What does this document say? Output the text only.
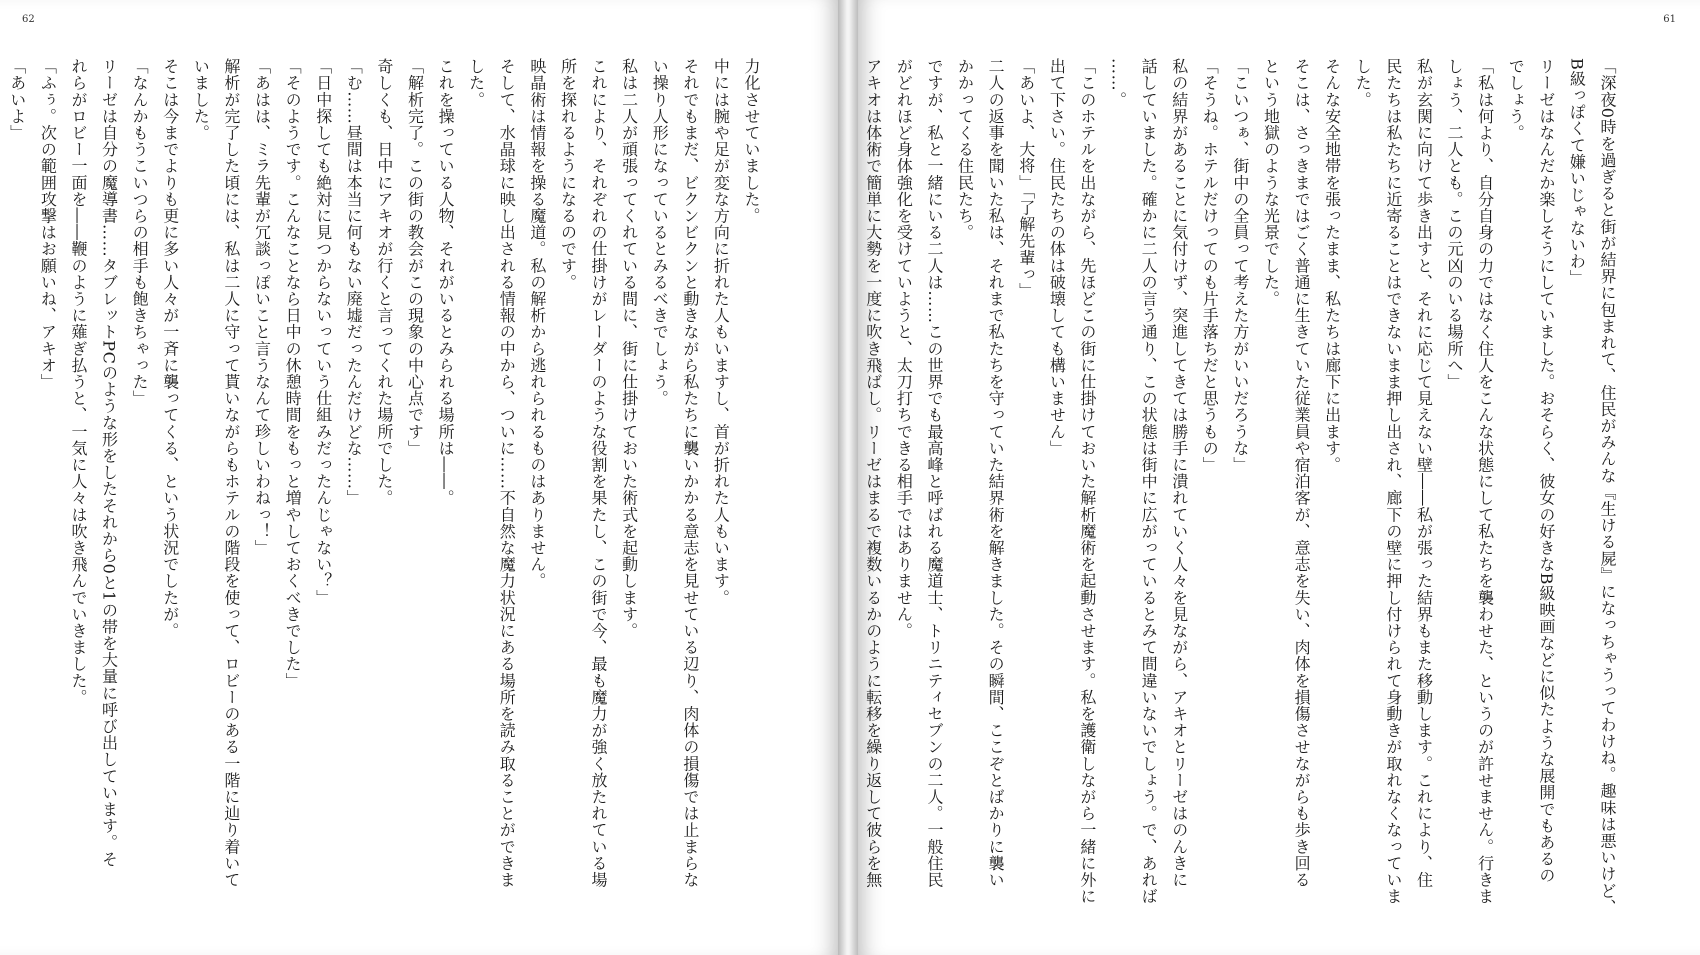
62
力化させていました。
中には腕や足が変な方向に折れた人もいますし、首が折れた人もいます。
それでもまだ、ビクンビクンと動きながら私たちに襲いかかる意志を見せている辺り、肉体の損傷では止まらな
い操り人形になっているとみるべきでしょう。
私は二人が頑張ってくれている間に、街に仕掛けておいた術式を起動します。
これにより、それぞれの仕掛けがレーダーのような役割を果たし、この街で今、最も魔力が強く放たれている場
所を探れるようになるのです。
映晶術は情報を操る魔道。私の解析から逃れられるものはありません。
そして、水晶球に映し出される情報の中から、ついに……不自然な魔力状況にある場所を読み取ることができま
した。
これを操っている人物、それがいるとみられる場所は――。
「解析完了。この街の教会がこの現象の中心点です」
奇しくも、日中にアキオが行くと言ってくれた場所でした。
「む……昼間は本当に何もない廃墟だったんだけどな……」
「日中探しても絶対に見つからないっていう仕組みだったんじゃない？」
「そのようです。こんなことなら日中の休憩時間をもっと増やしておくべきでした」
「あはは、ミラ先輩が冗談っぽいこと言うなんて珍しいわねっ！」
解析が完了した頃には、私は二人に守って貰いながらもホテルの階段を使って、ロビーのある一階に辿り着いて
いました。
そこは今までよりも更に多い人々が一斉に襲ってくる、という状況でしたが。
「なんかもうこいつらの相手も飽きちゃった」
リーゼは自分の魔導書……タブレットPCのような形をしたそれから0と1の帯を大量に呼び出しています。そ
れらがロビー一面を――鞭のように薙ぎ払うと、一気に人々は吹き飛んでいきました。
「ふぅ。次の範囲攻撃はお願いね、アキオ」
「あいよ」
61
「深夜0時を過ぎると街が結界に包まれて、住民がみんな『生ける屍』になっちゃうってわけね。趣味は悪いけど、
B級っぽくて嫌いじゃないわ」
リーゼはなんだか楽しそうにしていました。おそらく、彼女の好きなB級映画などに似たような展開でもあるの
でしょう。
「私は何より、自分自身の力ではなく住人をこんな状態にして私たちを襲わせた、というのが許せません。行きま
しょう、二人とも。この元凶のいる場所へ」
私が玄関に向けて歩き出すと、それに応じて見えない壁――私が張った結界もまた移動します。これにより、住
民たちは私たちに近寄ることはできないまま押し出され、廊下の壁に押し付けられて身動きが取れなくなっていま
した。
そんな安全地帯を張ったまま、私たちは廊下に出ます。
そこは、さっきまではごく普通に生きていた従業員や宿泊客が、意志を失い、肉体を損傷させながらも歩き回る
という地獄のような光景でした。
「こいつぁ、街中の全員って考えた方がいいだろうな」
「そうね。ホテルだけってのも片手落ちだと思うもの」
私の結界があることに気付けず、突進してきては勝手に潰れていく人々を見ながら、アキオとリーゼはのんきに
話していました。確かに二人の言う通り、この状態は街中に広がっているとみて間違いないでしょう。で、あれば
……。
「このホテルを出ながら、先ほどこの街に仕掛けておいた解析魔術を起動させます。私を護衛しながら一緒に外に
出て下さい。住民たちの体は破壊しても構いません」
「あいよ、大将」「了解先輩っ」
二人の返事を聞いた私は、それまで私たちを守っていた結界術を解きました。その瞬間、ここぞとばかりに襲い
かかってくる住民たち。
ですが、私と一緒にいる二人は……この世界でも最高峰と呼ばれる魔道士、トリニティセブンの二人。一般住民
がどれほど身体強化を受けていようと、太刀打ちできる相手ではありません。
アキオは体術で簡単に大勢を一度に吹き飛ばし。リーゼはまるで複数いるかのように転移を繰り返して彼らを無
